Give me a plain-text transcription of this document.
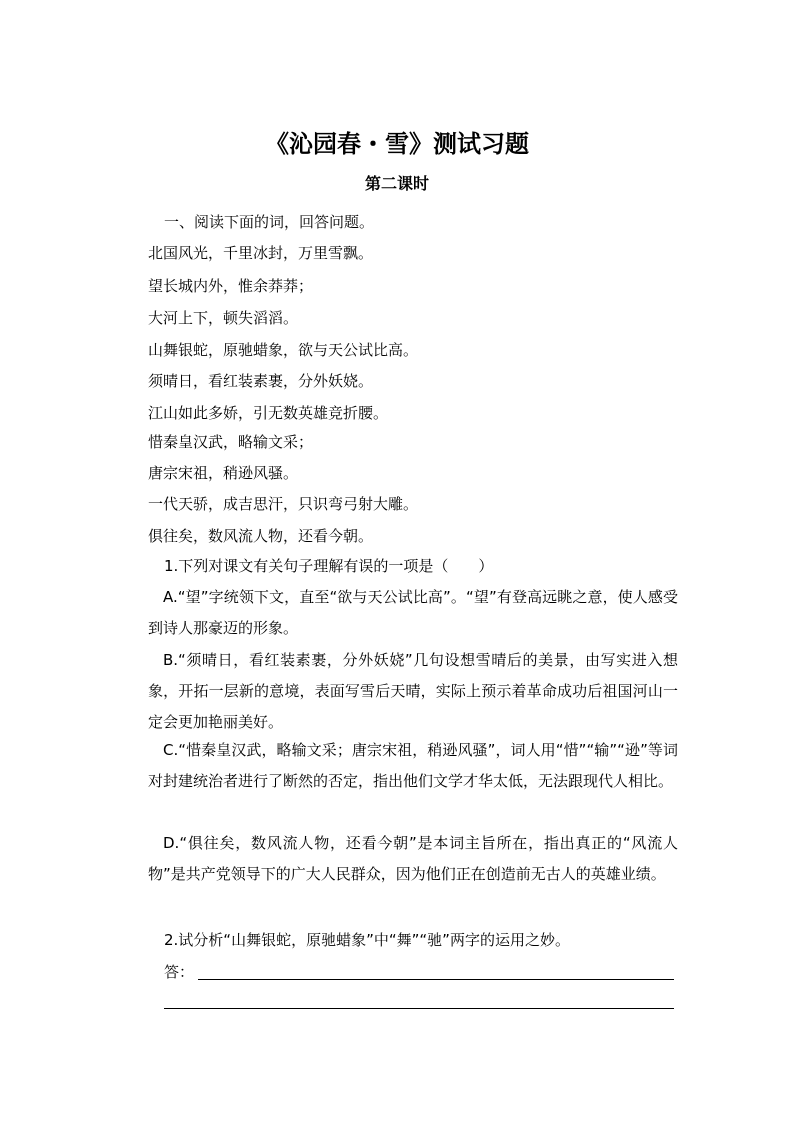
《沁园春・雪》测试习题
第二课时
一、阅读下面的词，回答问题。
北国风光，千里冰封，万里雪飘。
望长城内外，惟余莽莽；
大河上下，顿失滔滔。
山舞银蛇，原驰蜡象，欲与天公试比高。
须晴日，看红装素裹，分外妖娆。
江山如此多娇，引无数英雄竞折腰。
惜秦皇汉武，略输文采；
唐宗宋祖，稍逊风骚。
一代天骄，成吉思汗，只识弯弓射大雕。
俱往矣，数风流人物，还看今朝。
1.下列对课文有关句子理解有误的一项是（　　）
A.“望”字统领下文，直至“欲与天公试比高”。“望”有登高远眺之意，使人感受到诗人那豪迈的形象。
B.“须晴日，看红装素裹，分外妖娆”几句设想雪晴后的美景，由写实进入想象，开拓一层新的意境，表面写雪后天晴，实际上预示着革命成功后祖国河山一定会更加艳丽美好。
C.“惜秦皇汉武，略输文采；唐宗宋祖，稍逊风骚”，词人用“惜”“输”“逊”等词对封建统治者进行了断然的否定，指出他们文学才华太低，无法跟现代人相比。
D.“俱往矣，数风流人物，还看今朝”是本词主旨所在，指出真正的“风流人物”是共产党领导下的广大人民群众，因为他们正在创造前无古人的英雄业绩。
2.试分析“山舞银蛇，原驰蜡象”中“舞”“驰”两字的运用之妙。
答：
